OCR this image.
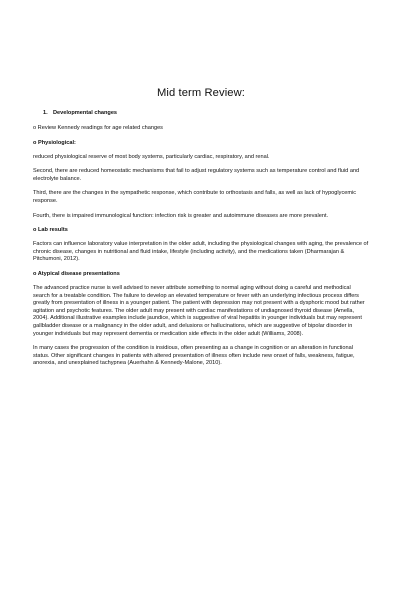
Mid term Review:
1. Developmental changes

o Review Kennedy readings for age related changes

o Physiological:

reduced physiological reserve of most body systems, particularly cardiac, respiratory, and renal.

Second, there are reduced homeostatic mechanisms that fail to adjust regulatory systems such as temperature control and fluid and electrolyte balance.

Third, there are the changes in the sympathetic response, which contribute to orthostasis and falls, as well as lack of hypoglycemic response.

Fourth, there is impaired immunological function: infection risk is greater and autoimmune diseases are more prevalent.

o Lab results

Factors can influence laboratory value interpretation in the older adult, including the physiological changes with aging, the prevalence of chronic disease, changes in nutritional and fluid intake, lifestyle (including activity), and the medications taken (Dharmarajan & Pitchumoni, 2012).

o Atypical disease presentations

The advanced practice nurse is well advised to never attribute something to normal aging without doing a careful and methodical search for a treatable condition. The failure to develop an elevated temperature or fever with an underlying infectious process differs greatly from presentation of illness in a younger patient. The patient with depression may not present with a dysphoric mood but rather agitation and psychotic features. The older adult may present with cardiac manifestations of undiagnosed thyroid disease (Amella, 2004). Additional illustrative examples include jaundice, which is suggestive of viral hepatitis in younger individuals but may represent gallbladder disease or a malignancy in the older adult, and delusions or hallucinations, which are suggestive of bipolar disorder in younger individuals but may represent dementia or medication side effects in the older adult (Williams, 2008).

In many cases the progression of the condition is insidious, often presenting as a change in cognition or an alteration in functional status. Other significant changes in patients with altered presentation of illness often include new onset of falls, weakness, fatigue, anorexia, and unexplained tachypnea (Auerhahn & Kennedy-Malone, 2010).
